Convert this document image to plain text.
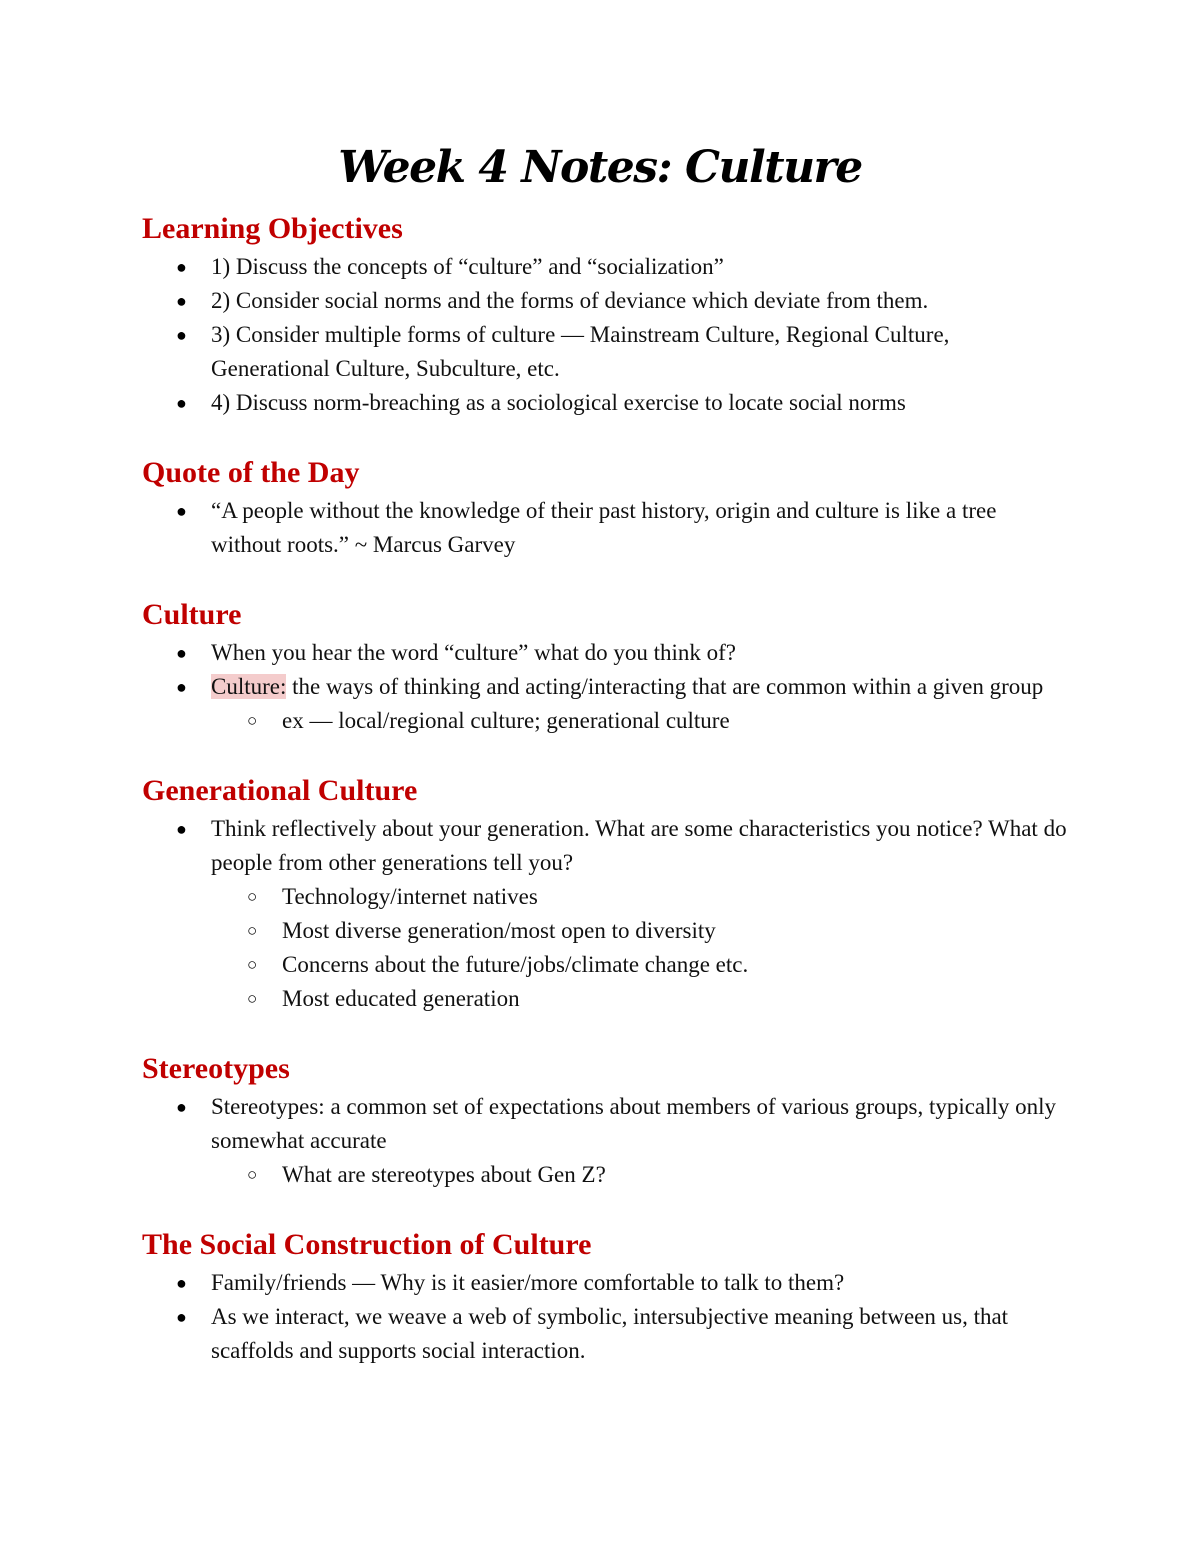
Week 4 Notes: Culture
Learning Objectives
● 1) Discuss the concepts of “culture” and “socialization”
● 2) Consider social norms and the forms of deviance which deviate from them.
● 3) Consider multiple forms of culture — Mainstream Culture, Regional Culture, Generational Culture, Subculture, etc.
● 4) Discuss norm-breaching as a sociological exercise to locate social norms
Quote of the Day
● “A people without the knowledge of their past history, origin and culture is like a tree without roots.” ~ Marcus Garvey
Culture
● When you hear the word “culture” what do you think of?
● Culture: the ways of thinking and acting/interacting that are common within a given group
○ ex — local/regional culture; generational culture
Generational Culture
● Think reflectively about your generation. What are some characteristics you notice? What do people from other generations tell you?
○ Technology/internet natives
○ Most diverse generation/most open to diversity
○ Concerns about the future/jobs/climate change etc.
○ Most educated generation
Stereotypes
● Stereotypes: a common set of expectations about members of various groups, typically only somewhat accurate
○ What are stereotypes about Gen Z?
The Social Construction of Culture
● Family/friends — Why is it easier/more comfortable to talk to them?
● As we interact, we weave a web of symbolic, intersubjective meaning between us, that scaffolds and supports social interaction.
